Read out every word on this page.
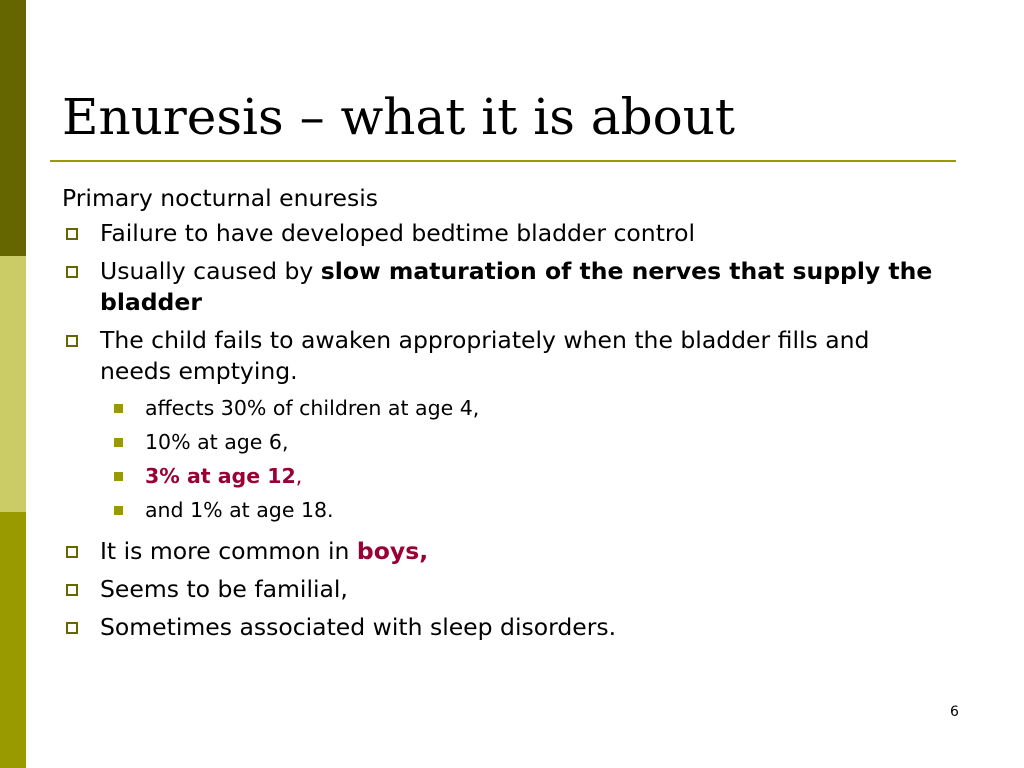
Enuresis – what it is about

Primary nocturnal enuresis

Failure to have developed bedtime bladder control
Usually caused by slow maturation of the nerves that supply the bladder
The child fails to awaken appropriately when the bladder fills and needs emptying.
affects 30% of children at age 4,
10% at age 6,
3% at age 12,
and 1% at age 18.
It is more common in boys,
Seems to be familial,
Sometimes associated with sleep disorders.
6
